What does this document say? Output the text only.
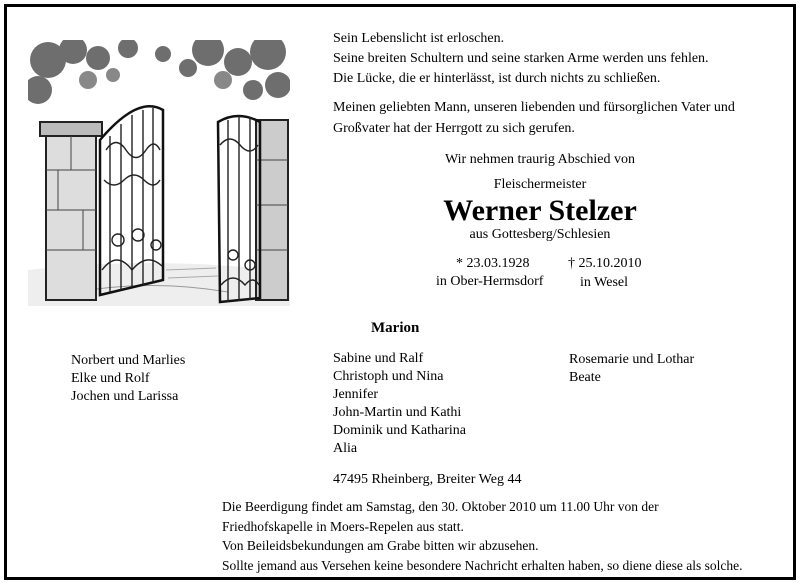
Sein Lebenslicht ist erloschen.
Seine breiten Schultern und seine starken Arme werden uns fehlen.
Die Lücke, die er hinterlässt, ist durch nichts zu schließen.
Meinen geliebten Mann, unseren liebenden und fürsorglichen Vater und
Großvater hat der Herrgott zu sich gerufen.
Wir nehmen traurig Abschied von
Fleischermeister
Werner Stelzer
aus Gottesberg/Schlesien
* 23.03.1928
in Ober-Hermsdorf
† 25.10.2010
in Wesel
Marion
Norbert und Marlies
Elke und Rolf
Jochen und Larissa
Sabine und Ralf
Christoph und Nina
Jennifer
John-Martin und Kathi
Dominik und Katharina
Alia
Rosemarie und Lothar
Beate
47495 Rheinberg, Breiter Weg 44
Die Beerdigung findet am Samstag, den 30. Oktober 2010 um 11.00 Uhr von der
Friedhofskapelle in Moers-Repelen aus statt.
Von Beileidsbekundungen am Grabe bitten wir abzusehen.
Sollte jemand aus Versehen keine besondere Nachricht erhalten haben, so diene diese als solche.
